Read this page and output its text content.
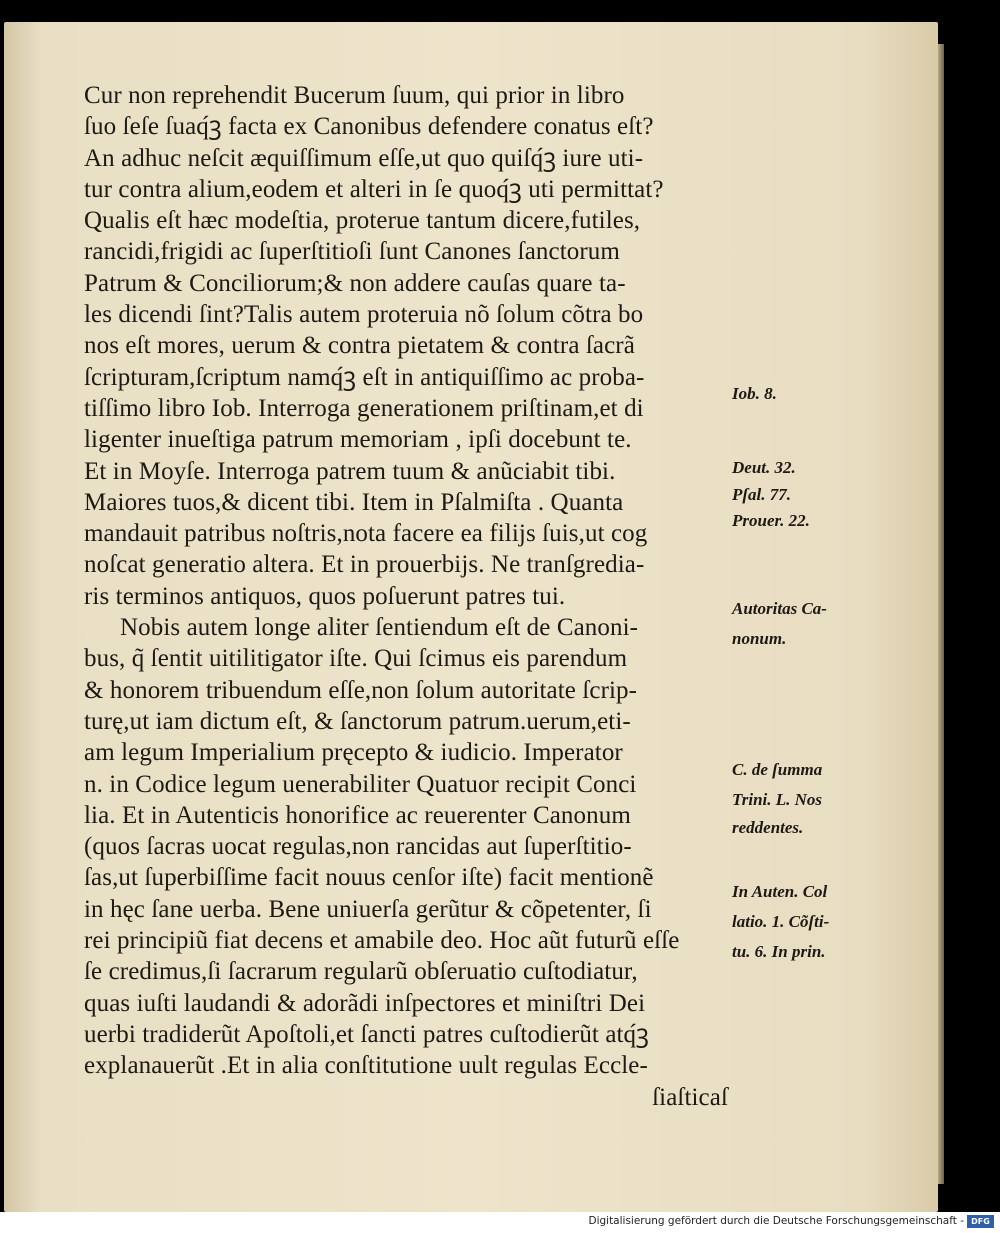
Cur non reprehendit Bucerum ſuum, qui prior in libro
ſuo ſeſe ſuaq́ꝫ facta ex Canonibus defendere conatus eſt?
An adhuc neſcit æquiſſimum eſſe,ut quo quiſq́ꝫ iure uti-
tur contra alium,eodem et alteri in ſe quoq́ꝫ uti permittat?
Qualis eſt hæc modeſtia, proterue tantum dicere,futiles,
rancidi,frigidi ac ſuperſtitioſi ſunt Canones ſanctorum
Patrum & Conciliorum;& non addere cauſas quare ta-
les dicendi ſint?Talis autem proteruia nõ ſolum cõtra bo
nos eſt mores, uerum & contra pietatem & contra ſacrã
ſcripturam,ſcriptum namq́ꝫ eſt in antiquiſſimo ac proba-
tiſſimo libro Iob. Interroga generationem priſtinam,et di
ligenter inueſtiga patrum memoriam , ipſi docebunt te.
Et in Moyſe. Interroga patrem tuum & anũciabit tibi.
Maiores tuos,& dicent tibi. Item in Pſalmiſta . Quanta
mandauit patribus noſtris,nota facere ea filijs ſuis,ut cog
noſcat generatio altera. Et in prouerbijs. Ne tranſgredia-
ris terminos antiquos, quos poſuerunt patres tui.
Nobis autem longe aliter ſentiendum eſt de Canoni-
bus, q̃ ſentit uitilitigator iſte. Qui ſcimus eis parendum
& honorem tribuendum eſſe,non ſolum autoritate ſcrip-
turę,ut iam dictum eſt, & ſanctorum patrum.uerum,eti-
am legum Imperialium pręcepto & iudicio. Imperator
n. in Codice legum uenerabiliter Quatuor recipit Conci
lia. Et in Autenticis honorifice ac reuerenter Canonum
(quos ſacras uocat regulas,non rancidas aut ſuperſtitio-
ſas,ut ſuperbiſſime facit nouus cenſor iſte) facit mentionẽ
in hęc ſane uerba. Bene uniuerſa gerũtur & cõpetenter, ſi
rei principiũ fiat decens et amabile deo. Hoc aũt futurũ eſſe
ſe credimus,ſi ſacrarum regularũ obſeruatio cuſtodiatur,
quas iuſti laudandi & adorãdi inſpectores et miniſtri Dei
uerbi tradiderũt Apoſtoli,et ſancti patres cuſtodierũt atq́ꝫ
explanauerũt .Et in alia conſtitutione uult regulas Eccle-
ſiaſticaſ
Iob. 8.
Deut. 32.
Pſal. 77.
Prouer. 22.
Autoritas Ca-
nonum.
C. de ſumma
Trini. L. Nos
reddentes.
In Auten. Col
latio. 1. Cõſti-
tu. 6. In prin.
Digitalisierung gefördert durch die Deutsche Forschungsgemeinschaft - DFG
